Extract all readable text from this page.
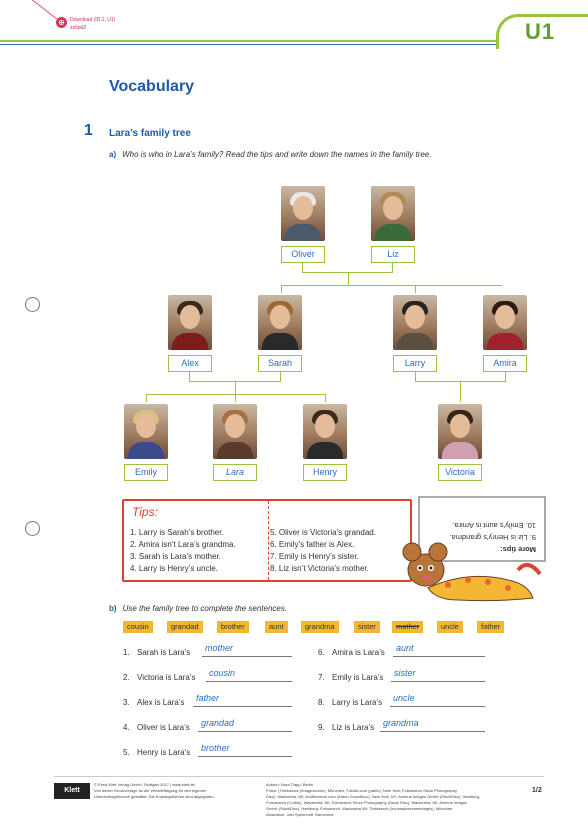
⊕	Download (ID.1, U1)
sx6pd2	U1
Vocabulary
1 Lara’s family tree
a) Who is who in Lara’s family? Read the tips and write down the names in the family tree.
Oliver	Liz
Alex	Sarah	Larry	Amira
Emily	Lara	Henry	Victoria
Tips:
1. Larry is Sarah’s brother.
2. Amira isn’t Lara’s grandma.
3. Sarah is Lara’s mother.
4. Larry is Henry’s uncle.
5. Oliver is Victoria’s grandad.
6. Emily’s father is Alex.
7. Emily is Henry’s sister.
8. Liz isn’t Victoria’s mother.
More tips:
9. Liz is Henry’s grandma.
10. Emily’s aunt is Amira.
b) Use the family tree to complete the sentences.
cousin	grandad	brother	aunt	grandma	sister	mother	uncle	father
1. Sarah is Lara’s mother
2. Victoria is Lara’s cousin
3. Alex is Lara’s father
4. Oliver is Lara’s grandad
5. Henry is Lara’s brother
6. Amira is Lara’s aunt
7. Emily is Lara’s sister
8. Larry is Lara’s uncle
9. Liz is Lara’s grandma
Klett
© Ernst Klett Verlag GmbH, Stuttgart 2017 | www.klett.de
Von dieser Druckvorlage ist die Vervielfältigung für den eigenen
Unterrichtsgebrauch gestattet. Die Kopiergebühren sind abgegolten.
Autorin: Nora Tlapp, Berlin
Fotos: (Thinkstock (Imagesource), München; Fotolia.com (pablo), New York; Fotosearch Stock Photography
Disc), Waukesha, WI; shutterstock.com (Anton Gvozdikov), New York, NY; Avenue Images GmbH (StockDisc), Hamburg,
Fotosearch (Corbis), Waukesha, WI; Fotosearch Stock Photography (Stock Disc), Waukesha, WI; Avenue Images
GmbH (StockDisc), Hamburg; Fotosearch, Waukesha WI; Thinkstock (Ironmaybesomeimages), München
Illustration: Jani Spennhoff, Barcelona
1/2
